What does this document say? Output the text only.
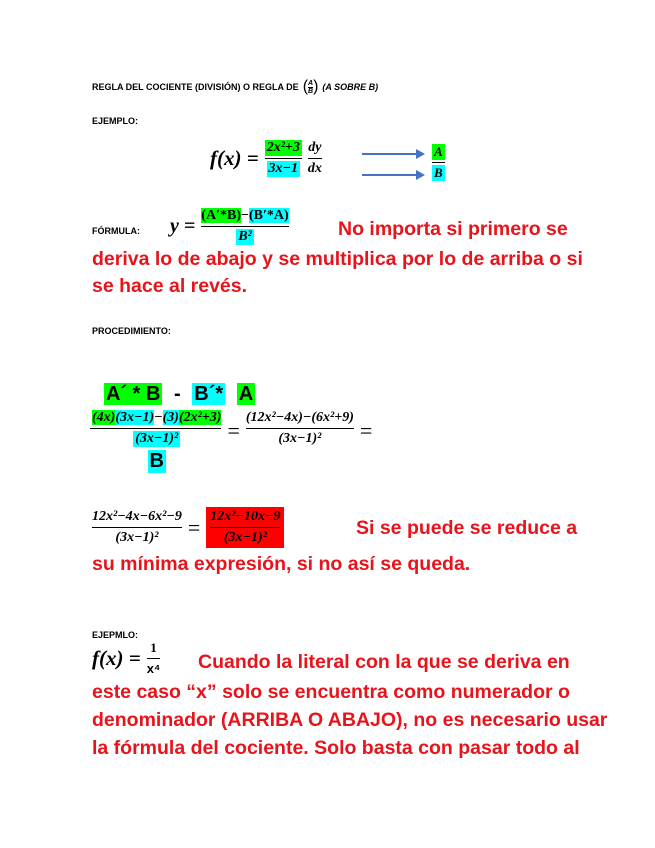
REGLA DEL COCIENTE (DIVISIÓN) O REGLA DE ( $\frac{A}{B}$ ) (A SOBRE B)
EJEMPLO:
$f(x) = \frac{\text{2x²+3}}{3x-1} \frac{dy}{dx}$	$\frac{A}{B}$
FÓRMULA: $y = \frac{(A'*B)-(B'*A)}{\text{B²}}$	No importa si primero se
deriva lo de abajo y se multiplica por lo de arriba o si
se hace al revés.
PROCEDIMIENTO:
A´ * B - B´* A
(4x)(3x−1)−(3)(2x²+3)
(3x−1)²
B
= $\frac{\text{(12x²−4x)−(6x²+9)}}{\text{(3x−1)²}}$ =
$\frac{\text{12x²−4x−6x²−9}}{\text{(3x−1)²}} = \frac{\text{12x²−10x−9}}{\text{(3x−1)²}}$	Si se puede se reduce a
su mínima expresión, si no así se queda.
EJEPMLO:
$f(x) = \frac{1}{\text{x⁴}}$ Cuando la literal con la que se deriva en
este caso “x” solo se encuentra como numerador o
denominador (ARRIBA O ABAJO), no es necesario usar
la fórmula del cociente. Solo basta con pasar todo al
